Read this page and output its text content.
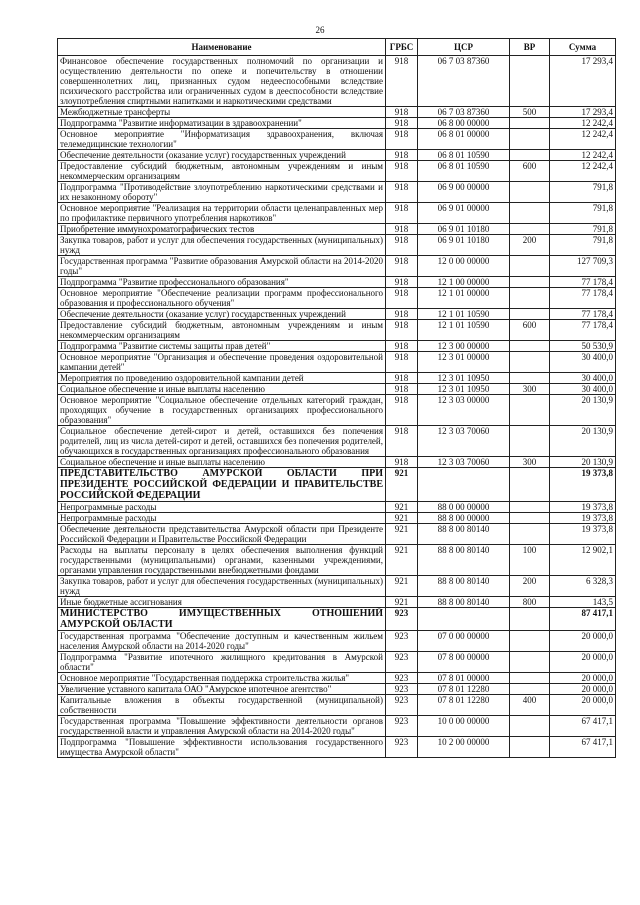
26
Наименование	ГРБС	ЦСР	ВР	Сумма
Финансовое обеспечение государственных полномочий по организации и осуществлению деятельности по опеке и попечительству в отношении совершеннолетних лиц, признанных судом недееспособными вследствие психического расстройства или ограниченных судом в дееспособности вследствие злоупотребления спиртными напитками и наркотическими средствами	918	06 7 03 87360		17 293,4
Межбюджетные трансферты	918	06 7 03 87360	500	17 293,4
Подпрограмма "Развитие информатизации в здравоохранении"	918	06 8 00 00000		12 242,4
Основное мероприятие "Информатизация здравоохранения, включая телемедицинские технологии"	918	06 8 01 00000		12 242,4
Обеспечение деятельности (оказание услуг) государственных учреждений	918	06 8 01 10590		12 242,4
Предоставление субсидий бюджетным, автономным учреждениям и иным некоммерческим организациям	918	06 8 01 10590	600	12 242,4
Подпрограмма "Противодействие злоупотреблению наркотическими средствами и их незаконному обороту"	918	06 9 00 00000		791,8
Основное мероприятие "Реализация на территории области целенаправленных мер по профилактике первичного употребления наркотиков"	918	06 9 01 00000		791,8
Приобретение иммунохроматографических тестов	918	06 9 01 10180		791,8
Закупка товаров, работ и услуг для обеспечения государственных (муниципальных) нужд	918	06 9 01 10180	200	791,8
Государственная программа "Развитие образования Амурской области на 2014-2020 годы"	918	12 0 00 00000		127 709,3
Подпрограмма "Развитие профессионального образования"	918	12 1 00 00000		77 178,4
Основное мероприятие "Обеспечение реализации программ профессионального образования и профессионального обучения"	918	12 1 01 00000		77 178,4
Обеспечение деятельности (оказание услуг) государственных учреждений	918	12 1 01 10590		77 178,4
Предоставление субсидий бюджетным, автономным учреждениям и иным некоммерческим организациям	918	12 1 01 10590	600	77 178,4
Подпрограмма "Развитие системы защиты прав детей"	918	12 3 00 00000		50 530,9
Основное мероприятие "Организация и обеспечение проведения оздоровительной кампании детей"	918	12 3 01 00000		30 400,0
Мероприятия по проведению оздоровительной кампании детей	918	12 3 01 10950		30 400,0
Социальное обеспечение и иные выплаты населению	918	12 3 01 10950	300	30 400,0
Основное мероприятие "Социальное обеспечение отдельных категорий граждан, проходящих обучение в государственных организациях профессионального образования"	918	12 3 03 00000		20 130,9
Социальное обеспечение детей-сирот и детей, оставшихся без попечения родителей, лиц из числа детей-сирот и детей, оставшихся без попечения родителей, обучающихся в государственных организациях профессионального образования	918	12 3 03 70060		20 130,9
Социальное обеспечение и иные выплаты населению	918	12 3 03 70060	300	20 130,9
ПРЕДСТАВИТЕЛЬСТВО АМУРСКОЙ ОБЛАСТИ ПРИ ПРЕЗИДЕНТЕ РОССИЙСКОЙ ФЕДЕРАЦИИ И ПРАВИТЕЛЬСТВЕ РОССИЙСКОЙ ФЕДЕРАЦИИ	921			19 373,8
Непрограммные расходы	921	88 0 00 00000		19 373,8
Непрограммные расходы	921	88 8 00 00000		19 373,8
Обеспечение деятельности представительства Амурской области при Президенте Российской Федерации и Правительстве Российской Федерации	921	88 8 00 80140		19 373,8
Расходы на выплаты персоналу в целях обеспечения выполнения функций государственными (муниципальными) органами, казенными учреждениями, органами управления государственными внебюджетными фондами	921	88 8 00 80140	100	12 902,1
Закупка товаров, работ и услуг для обеспечения государственных (муниципальных) нужд	921	88 8 00 80140	200	6 328,3
Иные бюджетные ассигнования	921	88 8 00 80140	800	143,5
МИНИСТЕРСТВО ИМУЩЕСТВЕННЫХ ОТНОШЕНИЙ АМУРСКОЙ ОБЛАСТИ	923			87 417,1
Государственная программа "Обеспечение доступным и качественным жильем населения Амурской области на 2014-2020 годы"	923	07 0 00 00000		20 000,0
Подпрограмма "Развитие ипотечного жилищного кредитования в Амурской области"	923	07 8 00 00000		20 000,0
Основное мероприятие "Государственная поддержка строительства жилья"	923	07 8 01 00000		20 000,0
Увеличение уставного капитала ОАО "Амурское ипотечное агентство"	923	07 8 01 12280		20 000,0
Капитальные вложения в объекты государственной (муниципальной) собственности	923	07 8 01 12280	400	20 000,0
Государственная программа "Повышение эффективности деятельности органов государственной власти и управления Амурской области на 2014-2020 годы"	923	10 0 00 00000		67 417,1
Подпрограмма "Повышение эффективности использования государственного имущества Амурской области"	923	10 2 00 00000		67 417,1
